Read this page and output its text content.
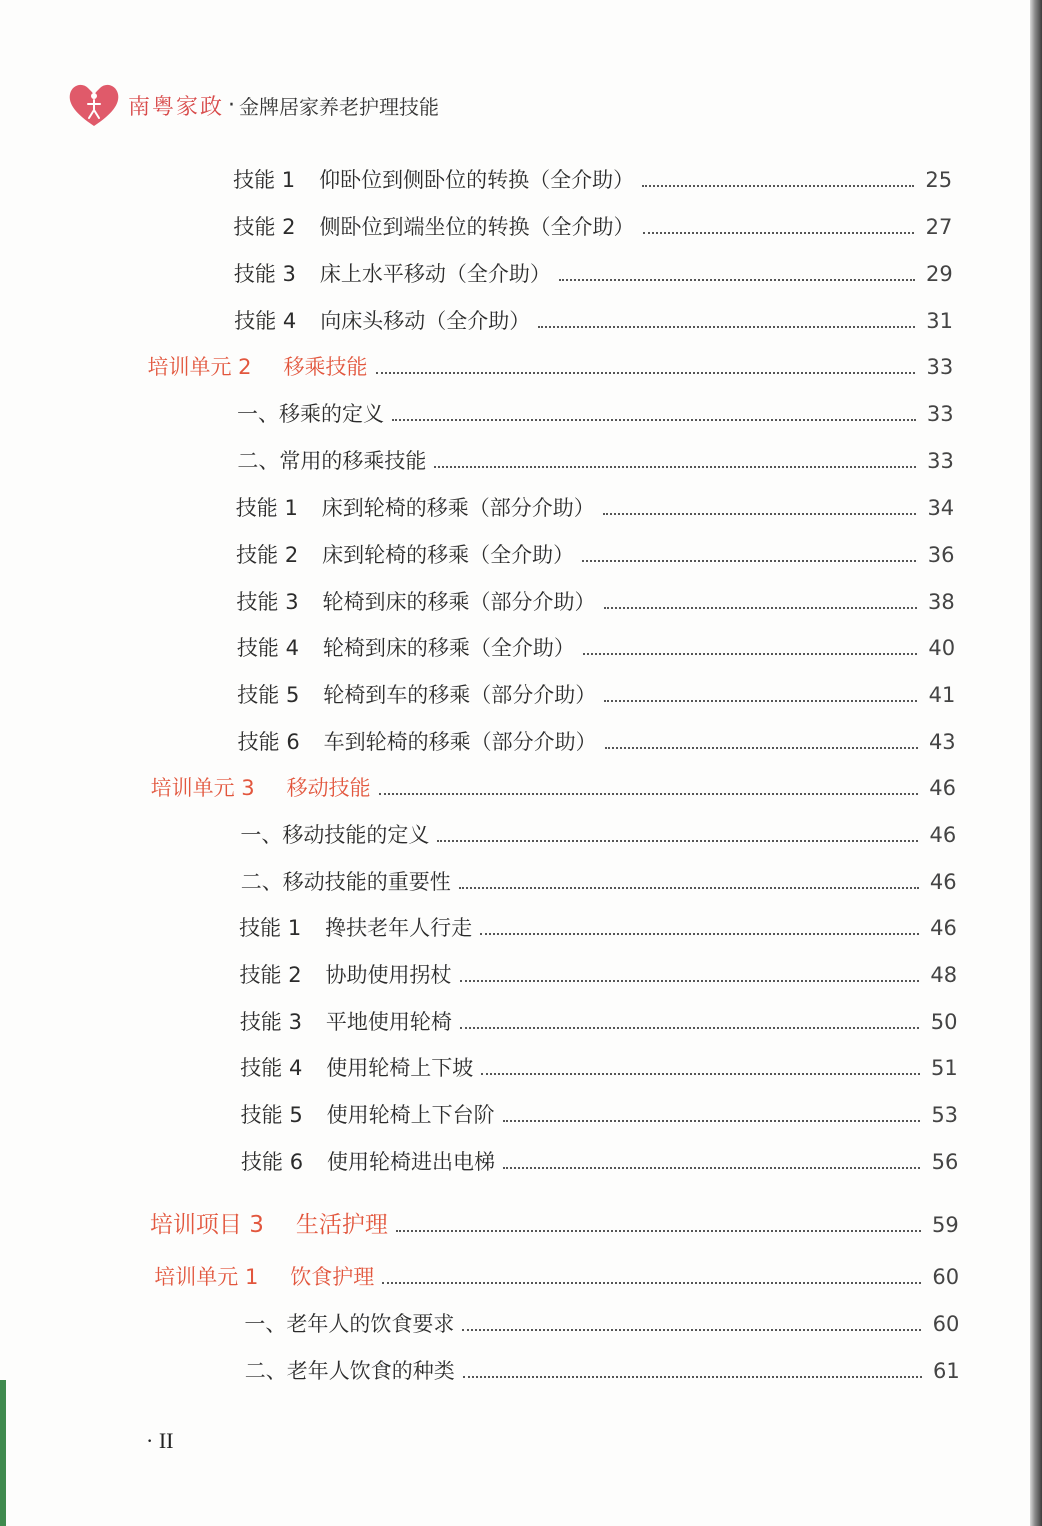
南粤家政 · 金牌居家养老护理技能
技能 1	仰卧位到侧卧位的转换（全介助）	25
技能 2	侧卧位到端坐位的转换（全介助）	27
技能 3	床上水平移动（全介助）	29
技能 4	向床头移动（全介助）	31
培训单元 2	移乘技能	33
一、移乘的定义	33
二、常用的移乘技能	33
技能 1	床到轮椅的移乘（部分介助）	34
技能 2	床到轮椅的移乘（全介助）	36
技能 3	轮椅到床的移乘（部分介助）	38
技能 4	轮椅到床的移乘（全介助）	40
技能 5	轮椅到车的移乘（部分介助）	41
技能 6	车到轮椅的移乘（部分介助）	43
培训单元 3	移动技能	46
一、移动技能的定义	46
二、移动技能的重要性	46
技能 1	搀扶老年人行走	46
技能 2	协助使用拐杖	48
技能 3	平地使用轮椅	50
技能 4	使用轮椅上下坡	51
技能 5	使用轮椅上下台阶	53
技能 6	使用轮椅进出电梯	56
培训项目 3	生活护理	59
培训单元 1	饮食护理	60
一、老年人的饮食要求	60
二、老年人饮食的种类	61
· II
